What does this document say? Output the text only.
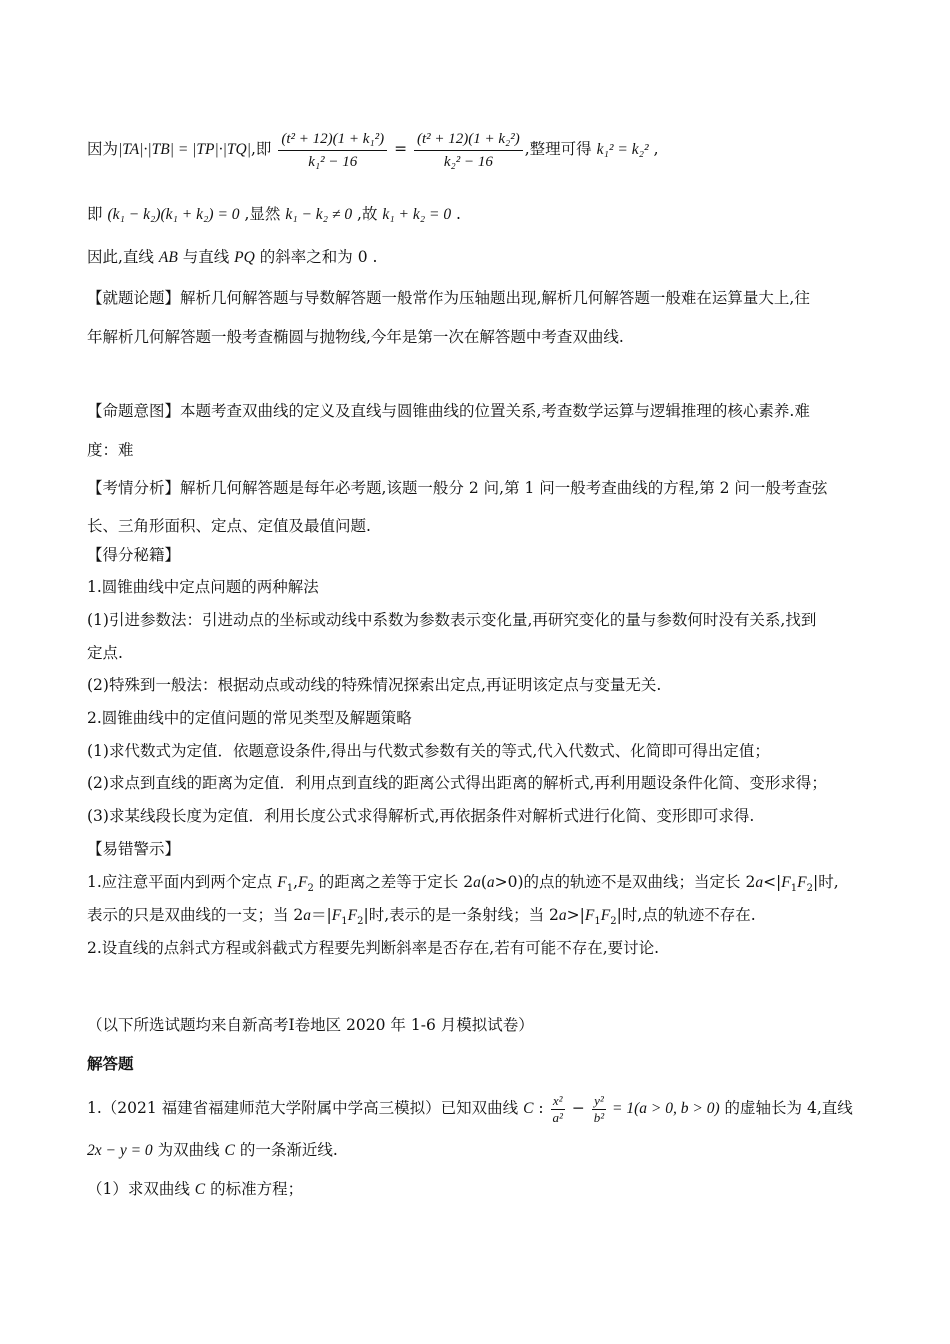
因为|TA|·|TB| = |TP|·|TQ|,即 $\frac{\text{(t² + 12)(1 + k₁²)}}{\text{k₁² − 16}} = \frac{\text{(t² + 12)(1 + k₂²)}}{\text{k₂² − 16}}$ ,整理可得 k₁² = k₂² ,
即 (k₁ − k₂)(k₁ + k₂) = 0 ,显然 k₁ − k₂ ≠ 0 ,故 k₁ + k₂ = 0 .
因此,直线 AB 与直线 PQ 的斜率之和为 0 .
【就题论题】解析几何解答题与导数解答题一般常作为压轴题出现,解析几何解答题一般难在运算量大上,往
年解析几何解答题一般考查椭圆与抛物线,今年是第一次在解答题中考查双曲线.
【命题意图】本题考查双曲线的定义及直线与圆锥曲线的位置关系,考查数学运算与逻辑推理的核心素养.难
度：难
【考情分析】解析几何解答题是每年必考题,该题一般分 2 问,第 1 问一般考查曲线的方程,第 2 问一般考查弦
长、三角形面积、定点、定值及最值问题.
【得分秘籍】
1.圆锥曲线中定点问题的两种解法
(1)引进参数法：引进动点的坐标或动线中系数为参数表示变化量,再研究变化的量与参数何时没有关系,找到
定点.
(2)特殊到一般法：根据动点或动线的特殊情况探索出定点,再证明该定点与变量无关.
2.圆锥曲线中的定值问题的常见类型及解题策略
(1)求代数式为定值．依题意设条件,得出与代数式参数有关的等式,代入代数式、化简即可得出定值；
(2)求点到直线的距离为定值．利用点到直线的距离公式得出距离的解析式,再利用题设条件化简、变形求得；
(3)求某线段长度为定值．利用长度公式求得解析式,再依据条件对解析式进行化简、变形即可求得.
【易错警示】
1.应注意平面内到两个定点 $F_1,F_2$ 的距离之差等于定长 2a(a>0)的点的轨迹不是双曲线；当定长 $2a<|F_1F_2|$时,
表示的只是双曲线的一支；当 $2a=|F_1F_2|$时,表示的是一条射线；当 $2a>|F_1F_2|$时,点的轨迹不存在.
2.设直线的点斜式方程或斜截式方程要先判断斜率是否存在,若有可能不存在,要讨论.
（以下所选试题均来自新高考Ⅰ卷地区 2020 年 1-6 月模拟试卷）
解答题
1.（2021 福建省福建师范大学附属中学高三模拟）已知双曲线 C : $\frac{\text{x²}}{\text{a²}} - \frac{\text{y²}}{\text{b²}} = 1(a > 0$, b > 0) 的虚轴长为 4,直线
2x − y = 0 为双曲线 C 的一条渐近线.
（1）求双曲线 C 的标准方程；
